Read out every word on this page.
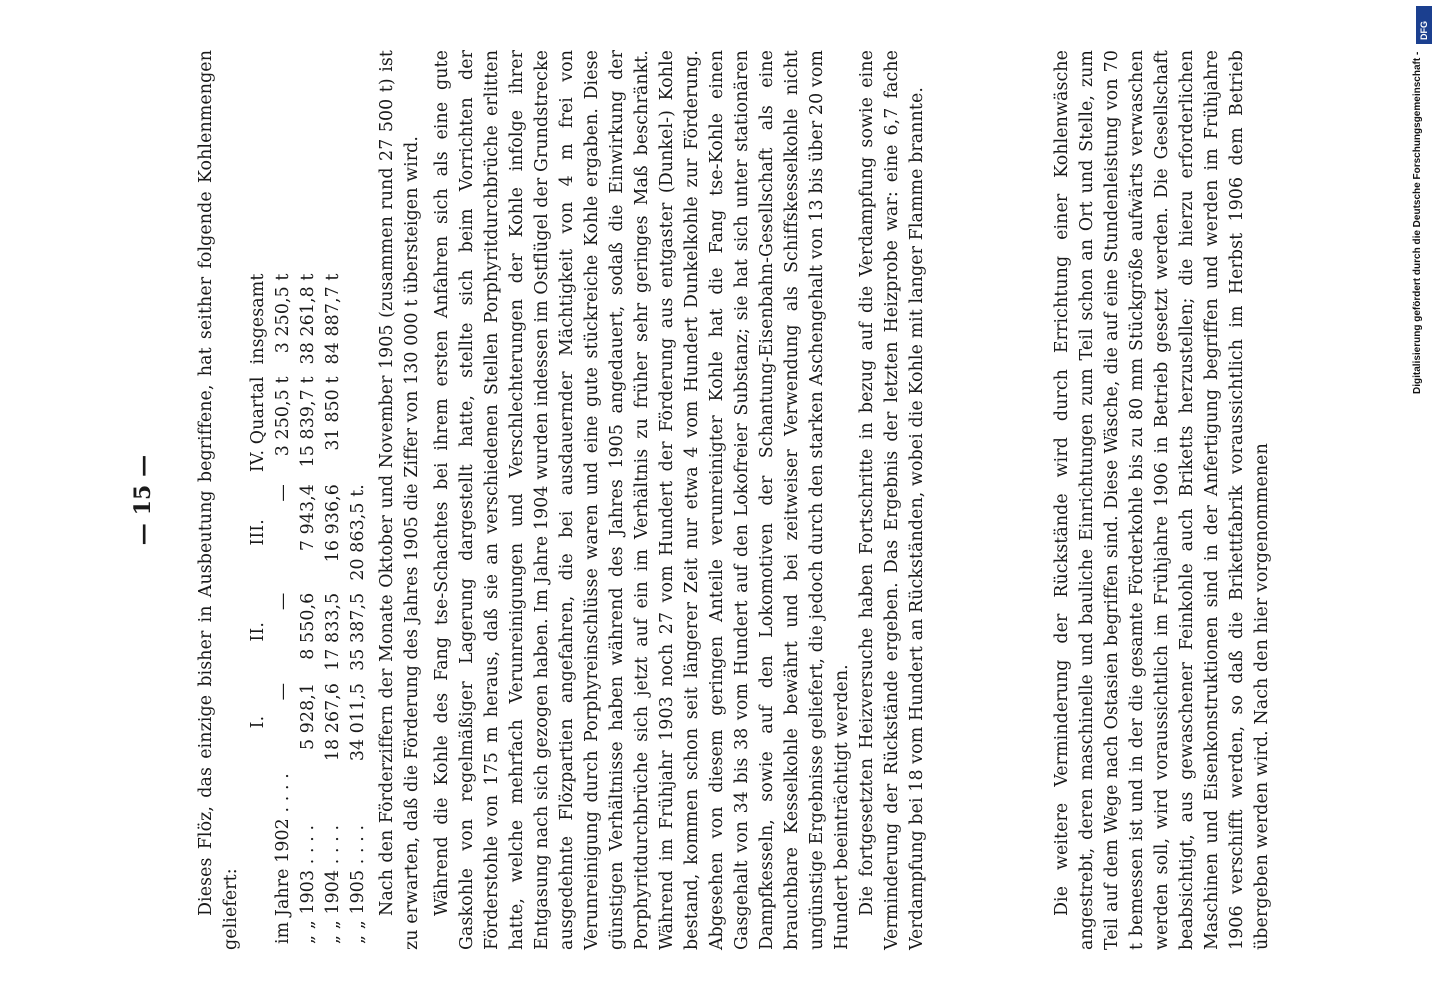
— 15 — Dieses Flöz, das einzige bisher in Ausbeutung begriffene, hat seither folgende Kohlenmengen geliefert:

	I.	II.	III.	IV. Quartal	insgesamt
im Jahre 1902 . . . .	—	—	—	3 250,5 t	3 250,5 t
„ „ 1903 . . . .	5 928,1	8 550,6	7 943,4	15 839,7 t	38 261,8 t
„ „ 1904 . . . .	18 267,6	17 833,5	16 936,6	31 850 t	84 887,7 t
„ „ 1905 . . . .	34 011,5	35 387,5	20 863,5 t.		Nach den Förderziffern der Monate Oktober und November 1905 (zusammen rund 27 500 t) ist zu erwarten, daß die Förderung des Jahres 1905 die Ziffer von 130 000 t übersteigen wird. Während die Kohle des Fang tse-Schachtes bei ihrem ersten Anfahren sich als eine gute Gaskohle von regelmäßiger Lagerung dargestellt hatte, stellte sich beim Vorrichten der Förderstohle von 175 m heraus, daß sie an verschiedenen Stellen Porphyritdurchbrüche erlitten hatte, welche mehrfach Verunreinigungen und Verschlechterungen der Kohle infolge ihrer Entgasung nach sich gezogen haben. Im Jahre 1904 wurden indessen im Ostflügel der Grundstrecke ausgedehnte Flözpartien angefahren, die bei ausdauernder Mächtigkeit von 4 m frei von Verunreinigung durch Porphyreinschlüsse waren und eine gute stückreiche Kohle ergaben. Diese günstigen Verhältnisse haben während des Jahres 1905 angedauert, sodaß die Einwirkung der Porphyritdurchbrüche sich jetzt auf ein im Verhältnis zu früher sehr geringes Maß beschränkt. Während im Frühjahr 1903 noch 27 vom Hundert der Förderung aus entgaster (Dunkel-) Kohle bestand, kommen schon seit längerer Zeit nur etwa 4 vom Hundert Dunkelkohle zur Förderung. Abgesehen von diesem geringen Anteile verunreinigter Kohle hat die Fang tse-Kohle einen Gasgehalt von 34 bis 38 vom Hundert auf den Lokofreier Substanz; sie hat sich unter stationären Dampfkesseln, sowie auf den Lokomotiven der Schantung-Eisenbahn-Gesellschaft als eine brauchbare Kesselkohle bewährt und bei zeitweiser Verwendung als Schiffskesselkohle nicht ungünstige Ergebnisse geliefert, die jedoch durch den starken Aschengehalt von 13 bis über 20 vom Hundert beeinträchtigt werden. Die fortgesetzten Heizversuche haben Fortschritte in bezug auf die Verdampfung sowie eine Verminderung der Rückstände ergeben. Das Ergebnis der letzten Heizprobe war: eine 6,7 fache Verdampfung bei 18 vom Hundert an Rückständen, wobei die Kohle mit langer Flamme brannte.	Die weitere Verminderung der Rückstände wird durch Errichtung einer Kohlenwäsche angestrebt, deren maschinelle und bauliche Einrichtungen zum Teil schon an Ort und Stelle, zum Teil auf dem Wege nach Ostasien begriffen sind. Diese Wäsche, die auf eine Stundenleistung von 70 t bemessen ist und in der die gesamte Förderkohle bis zu 80 mm Stückgröße aufwärts verwaschen werden soll, wird voraussichtlich im Frühjahre 1906 in Betrieb gesetzt werden. Die Gesellschaft beabsichtigt, aus gewaschener Feinkohle auch Briketts herzustellen; die hierzu erforderlichen Maschinen und Eisenkonstruktionen sind in der Anfertigung begriffen und werden im Frühjahre 1906 verschifft werden, so daß die Brikettfabrik voraussichtlich im Herbst 1906 dem Betrieb übergeben werden wird. Nach den hier vorgenommenen

DFG
Digitalisierung gefördert durch die Deutsche Forschungsgemeinschaft -
